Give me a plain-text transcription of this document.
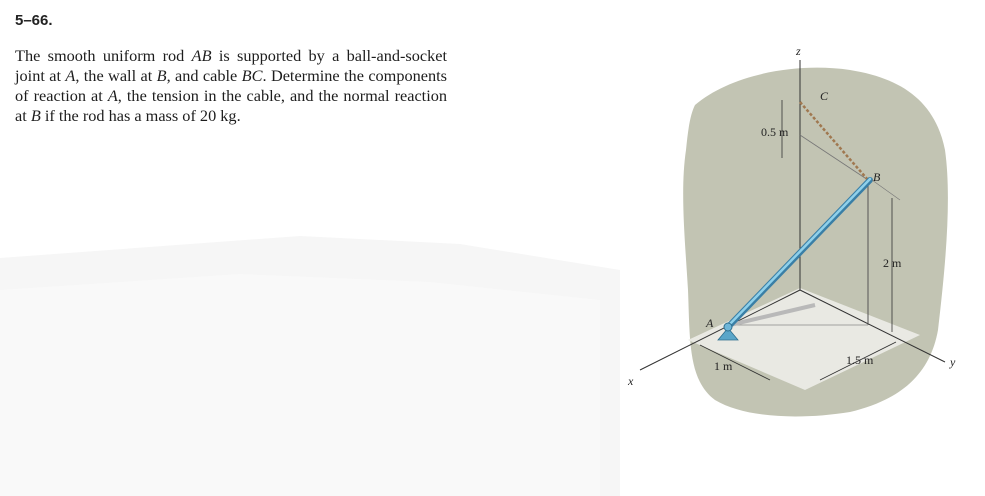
5–66.
The smooth uniform rod AB is supported by a ball-and-socket joint at A, the wall at B, and cable BC. Determine the components of reaction at A, the tension in the cable, and the normal reaction at B if the rod has a mass of 20 kg.
z
C
B
A
0.5 m
2 m
1 m	1.5 m
x
y
